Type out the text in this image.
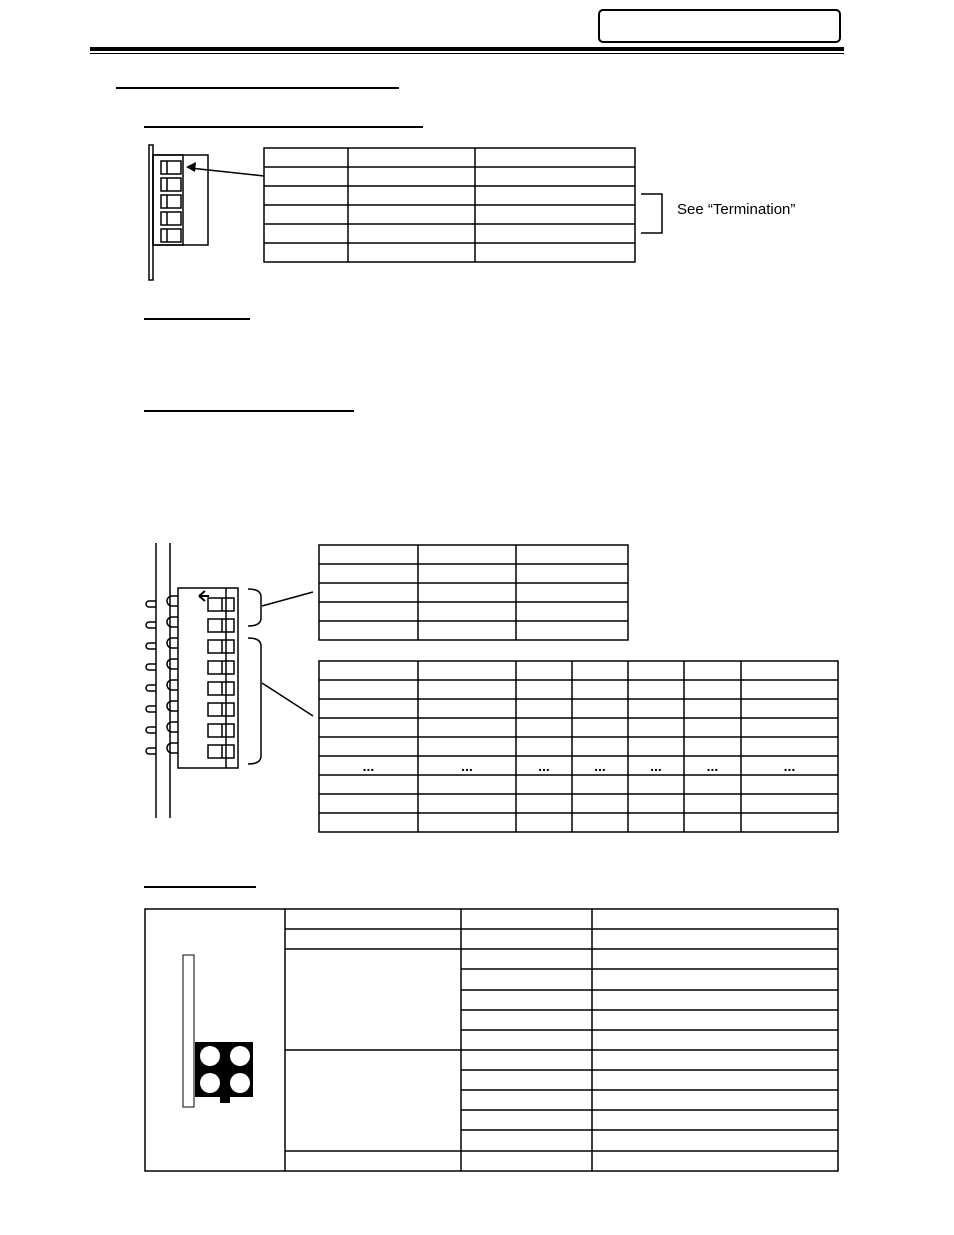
See “Termination”
...	...	...	...	...	...	...
